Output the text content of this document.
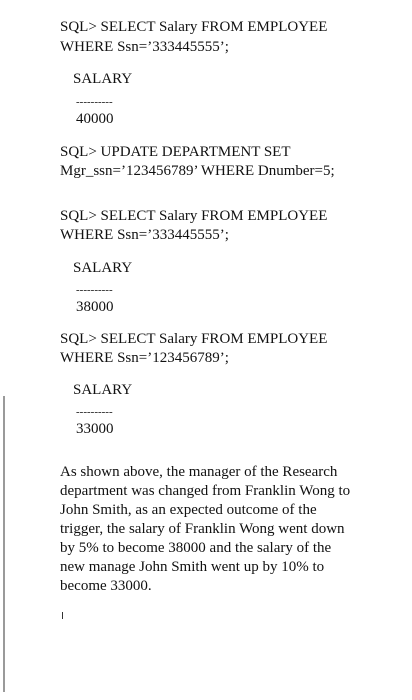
SQL> SELECT Salary FROM EMPLOYEE
WHERE Ssn=’333445555’;
SALARY
----------
40000
SQL> UPDATE DEPARTMENT SET
Mgr_ssn=’123456789’ WHERE Dnumber=5;
SQL> SELECT Salary FROM EMPLOYEE
WHERE Ssn=’333445555’;
SALARY
----------
38000
SQL> SELECT Salary FROM EMPLOYEE
WHERE Ssn=’123456789’;
SALARY
----------
33000
As shown above, the manager of the Research
department was changed from Franklin Wong to
John Smith, as an expected outcome of the
trigger, the salary of Franklin Wong went down
by 5% to become 38000 and the salary of the
new manage John Smith went up by 10% to
become 33000.
